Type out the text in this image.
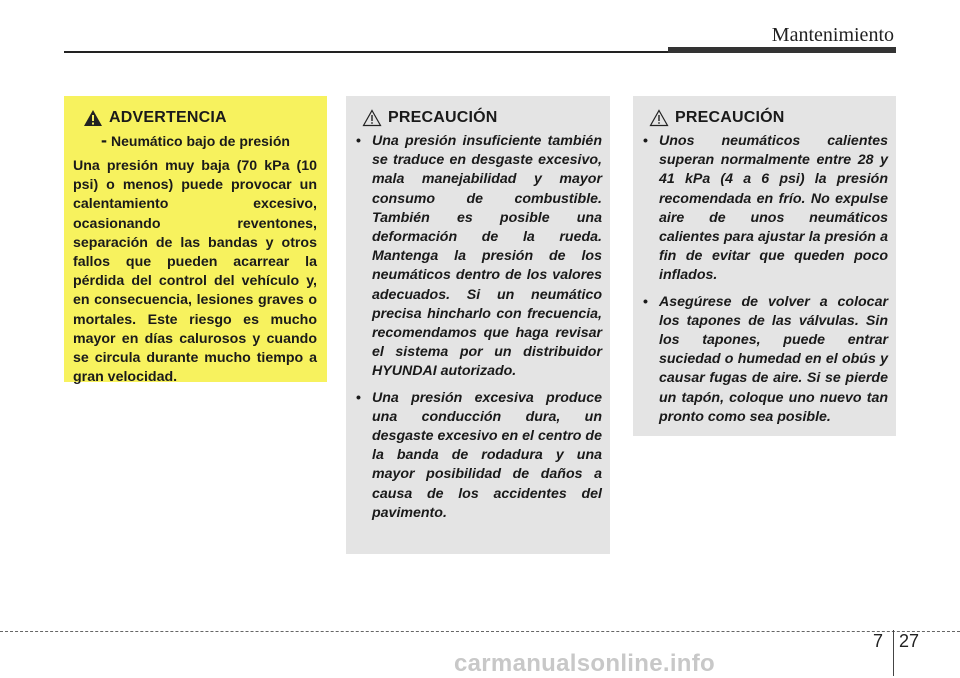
Mantenimiento
ADVERTENCIA
- Neumático bajo de presión
Una presión muy baja (70 kPa (10 psi) o menos) puede provocar un calentamiento excesivo, ocasionando reventones, separación de las bandas y otros fallos que pueden acarrear la pérdida del control del vehículo y, en consecuencia, lesiones graves o mortales. Este riesgo es mucho mayor en días calurosos y cuando se circula durante mucho tiempo a gran velocidad.
PRECAUCIÓN
• Una presión insuficiente también se traduce en desgaste excesivo, mala manejabilidad y mayor consumo de combustible. También es posible una deformación de la rueda. Mantenga la presión de los neumáticos dentro de los valores adecuados. Si un neumático precisa hincharlo con frecuencia, recomendamos que haga revisar el sistema por un distribuidor HYUNDAI autorizado.
• Una presión excesiva produce una conducción dura, un desgaste excesivo en el centro de la banda de rodadura y una mayor posibilidad de daños a causa de los accidentes del pavimento.
PRECAUCIÓN
• Unos neumáticos calientes superan normalmente entre 28 y 41 kPa (4 a 6 psi) la presión recomendada en frío. No expulse aire de unos neumáticos calientes para ajustar la presión a fin de evitar que queden poco inflados.
• Asegúrese de volver a colocar los tapones de las válvulas. Sin los tapones, puede entrar suciedad o humedad en el obús y causar fugas de aire. Si se pierde un tapón, coloque uno nuevo tan pronto como sea posible.
7 27
carmanualsonline.info
